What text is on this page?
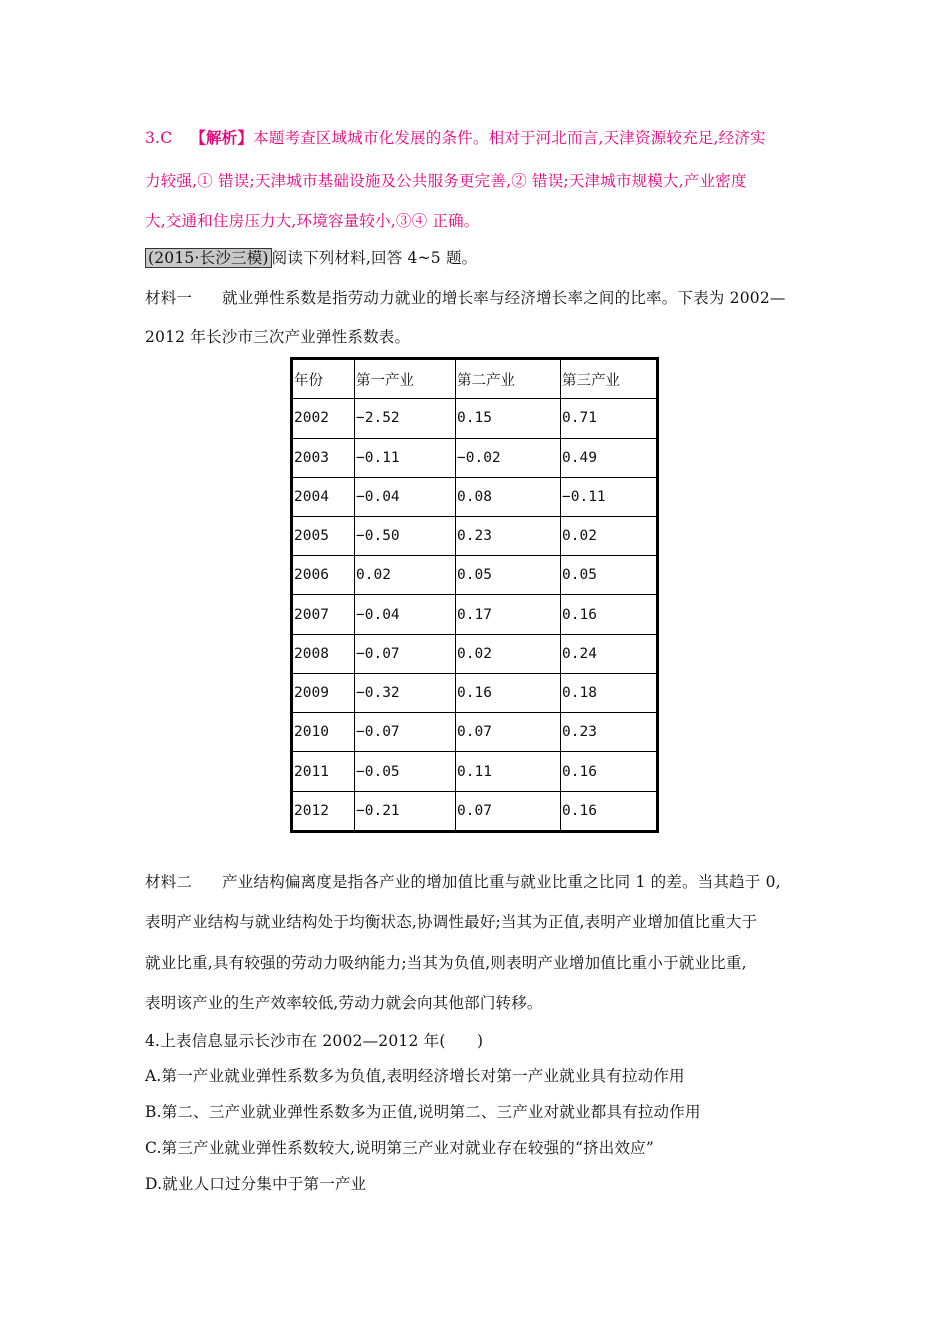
3.C 【解析】本题考查区域城市化发展的条件。相对于河北而言,天津资源较充足,经济实
力较强,① 错误;天津城市基础设施及公共服务更完善,② 错误;天津城市规模大,产业密度
大,交通和住房压力大,环境容量较小,③④ 正确。
(2015·长沙三模) 阅读下列材料,回答 4~5 题。
材料一 就业弹性系数是指劳动力就业的增长率与经济增长率之间的比率。下表为 2002—
2012 年长沙市三次产业弹性系数表。
年份	第一产业	第二产业	第三产业
2002	−2.52	0.15	0.71
2003	−0.11	−0.02	0.49
2004	−0.04	0.08	−0.11
2005	−0.50	0.23	0.02
2006	0.02	0.05	0.05
2007	−0.04	0.17	0.16
2008	−0.07	0.02	0.24
2009	−0.32	0.16	0.18
2010	−0.07	0.07	0.23
2011	−0.05	0.11	0.16
2012	−0.21	0.07	0.16
材料二 产业结构偏离度是指各产业的增加值比重与就业比重之比同 1 的差。当其趋于 0,
表明产业结构与就业结构处于均衡状态,协调性最好;当其为正值,表明产业增加值比重大于
就业比重,具有较强的劳动力吸纳能力;当其为负值,则表明产业增加值比重小于就业比重,
表明该产业的生产效率较低,劳动力就会向其他部门转移。
4.上表信息显示长沙市在 2002—2012 年(　　)
A.第一产业就业弹性系数多为负值,表明经济增长对第一产业就业具有拉动作用
B.第二、三产业就业弹性系数多为正值,说明第二、三产业对就业都具有拉动作用
C.第三产业就业弹性系数较大,说明第三产业对就业存在较强的“挤出效应”
D.就业人口过分集中于第一产业
